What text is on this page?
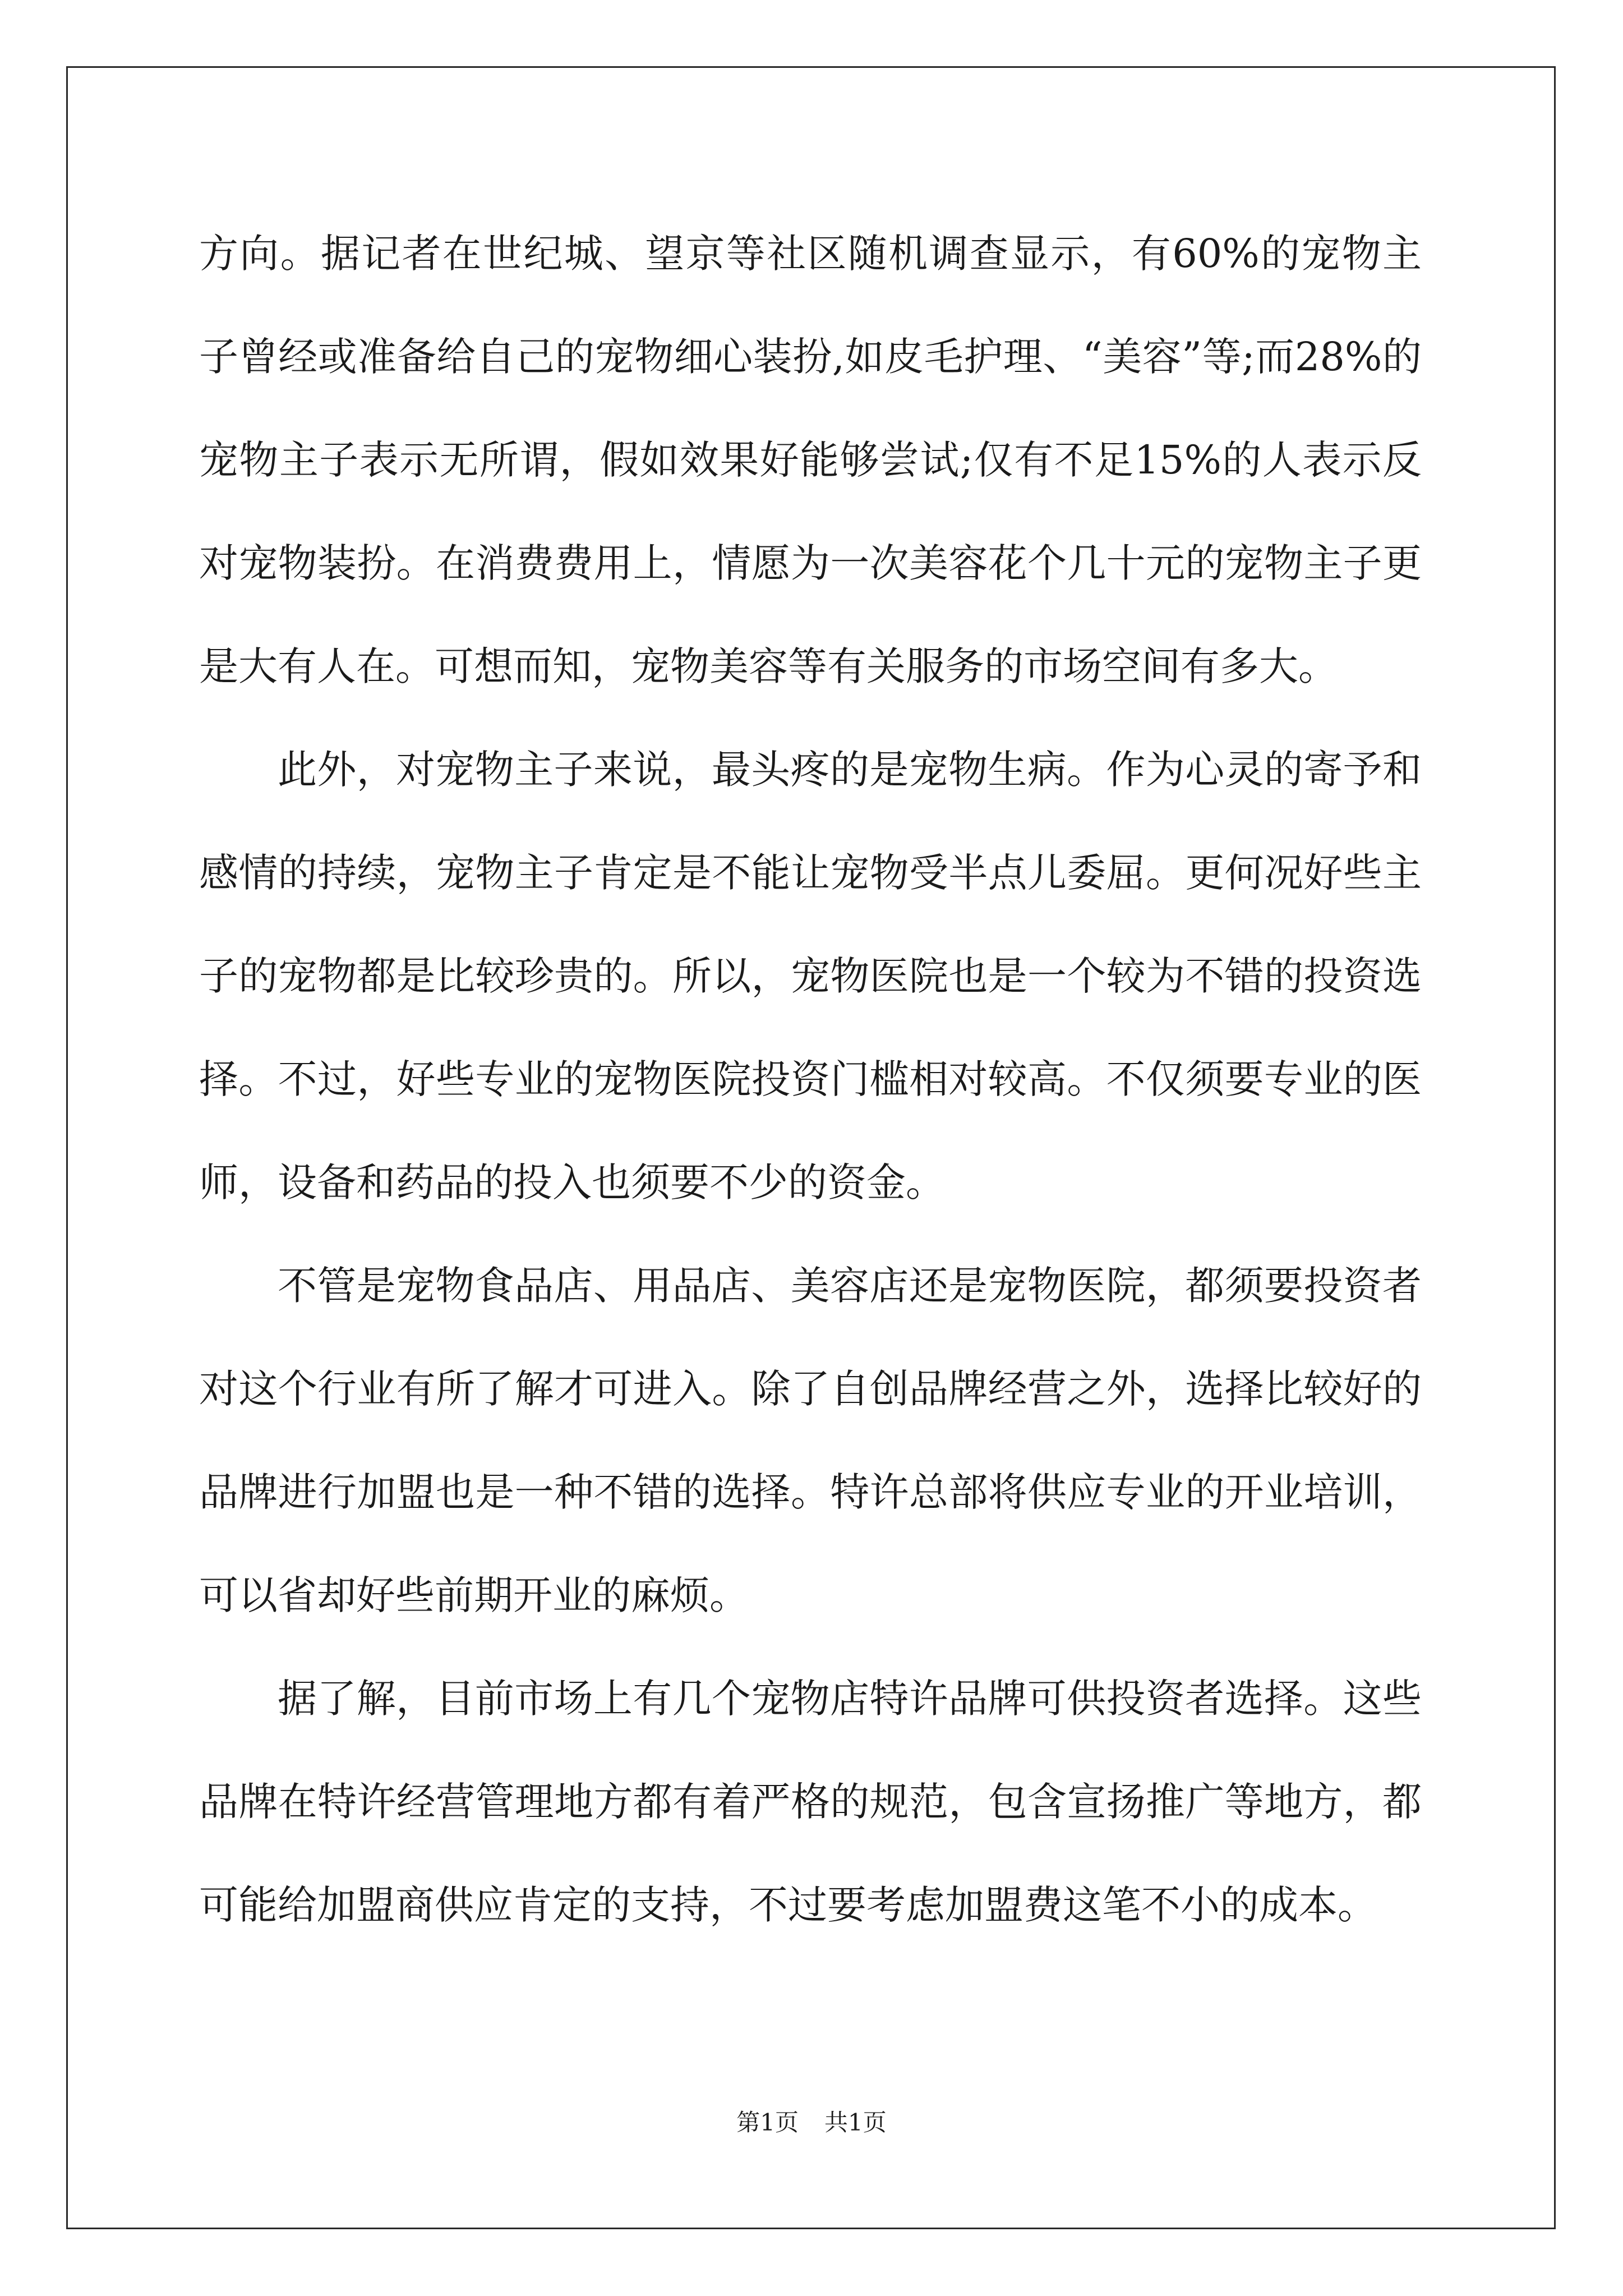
方向。据记者在世纪城、望京等社区随机调查显示，有60%的宠物主子曾经或准备给自己的宠物细心装扮,如皮毛护理、“美容”等;而28%的宠物主子表示无所谓，假如效果好能够尝试;仅有不足15%的人表示反对宠物装扮。在消费费用上，情愿为一次美容花个几十元的宠物主子更是大有人在。可想而知，宠物美容等有关服务的市场空间有多大。

此外，对宠物主子来说，最头疼的是宠物生病。作为心灵的寄予和感情的持续，宠物主子肯定是不能让宠物受半点儿委屈。更何况好些主子的宠物都是比较珍贵的。所以，宠物医院也是一个较为不错的投资选择。不过，好些专业的宠物医院投资门槛相对较高。不仅须要专业的医师，设备和药品的投入也须要不少的资金。

不管是宠物食品店、用品店、美容店还是宠物医院，都须要投资者对这个行业有所了解才可进入。除了自创品牌经营之外，选择比较好的品牌进行加盟也是一种不错的选择。特许总部将供应专业的开业培训，可以省却好些前期开业的麻烦。

据了解，目前市场上有几个宠物店特许品牌可供投资者选择。这些品牌在特许经营管理地方都有着严格的规范，包含宣扬推广等地方，都可能给加盟商供应肯定的支持，不过要考虑加盟费这笔不小的成本。

第1页 共1页
